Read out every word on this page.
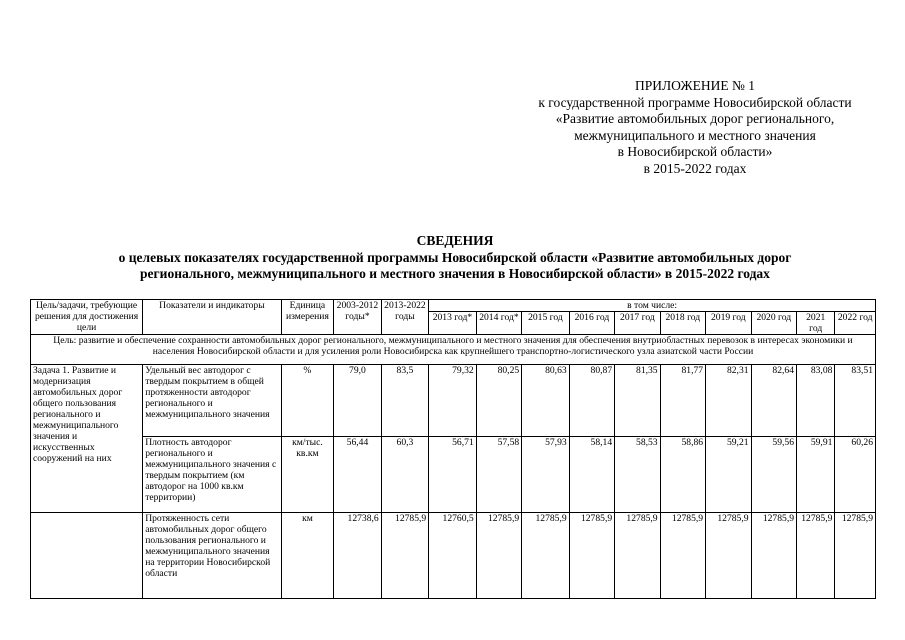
ПРИЛОЖЕНИЕ № 1
к государственной программе Новосибирской области
«Развитие автомобильных дорог регионального,
межмуниципального и местного значения
в Новосибирской области»
в 2015-2022 годах
СВЕДЕНИЯ
о целевых показателях государственной программы Новосибирской области «Развитие автомобильных дорог
регионального, межмуниципального и местного значения в Новосибирской области» в 2015-2022 годах
Цель/задачи, требующие решения для достижения цели	Показатели и индикаторы	Единица измерения	2003-2012 годы*	2013-2022 годы	в том числе:									
					2013 год*	2014 год*	2015 год	2016 год	2017 год	2018 год	2019 год	2020 год	2021 год	2022 год

Цель: развитие и обеспечение сохранности автомобильных дорог регионального, межмуниципального и местного значения для обеспечения внутриобластных перевозок в интересах экономики и населения Новосибирской области и для усиления роли Новосибирска как крупнейшего транспортно-логистического узла азиатской части России														
Задача 1. Развитие и модернизация автомобильных дорог общего пользования регионального и межмуниципального значения и искусственных сооружений на них	Удельный вес автодорог с твердым покрытием в общей протяженности автодорог регионального и межмуниципального значения	%	79,0	83,5	79,32	80,25	80,63	80,87	81,35	81,77	82,31	82,64	83,08	83,51
	Плотность автодорог регионального и межмуниципального значения с твердым покрытием (км автодорог на 1000 кв.км территории)	км/тыс. кв.км	56,44	60,3	56,71	57,58	57,93	58,14	58,53	58,86	59,21	59,56	59,91	60,26
	Протяженность сети автомобильных дорог общего пользования регионального и межмуниципального значения на территории Новосибирской области	км	12738,6	12785,9	12760,5	12785,9	12785,9	12785,9	12785,9	12785,9	12785,9	12785,9	12785,9	12785,9
